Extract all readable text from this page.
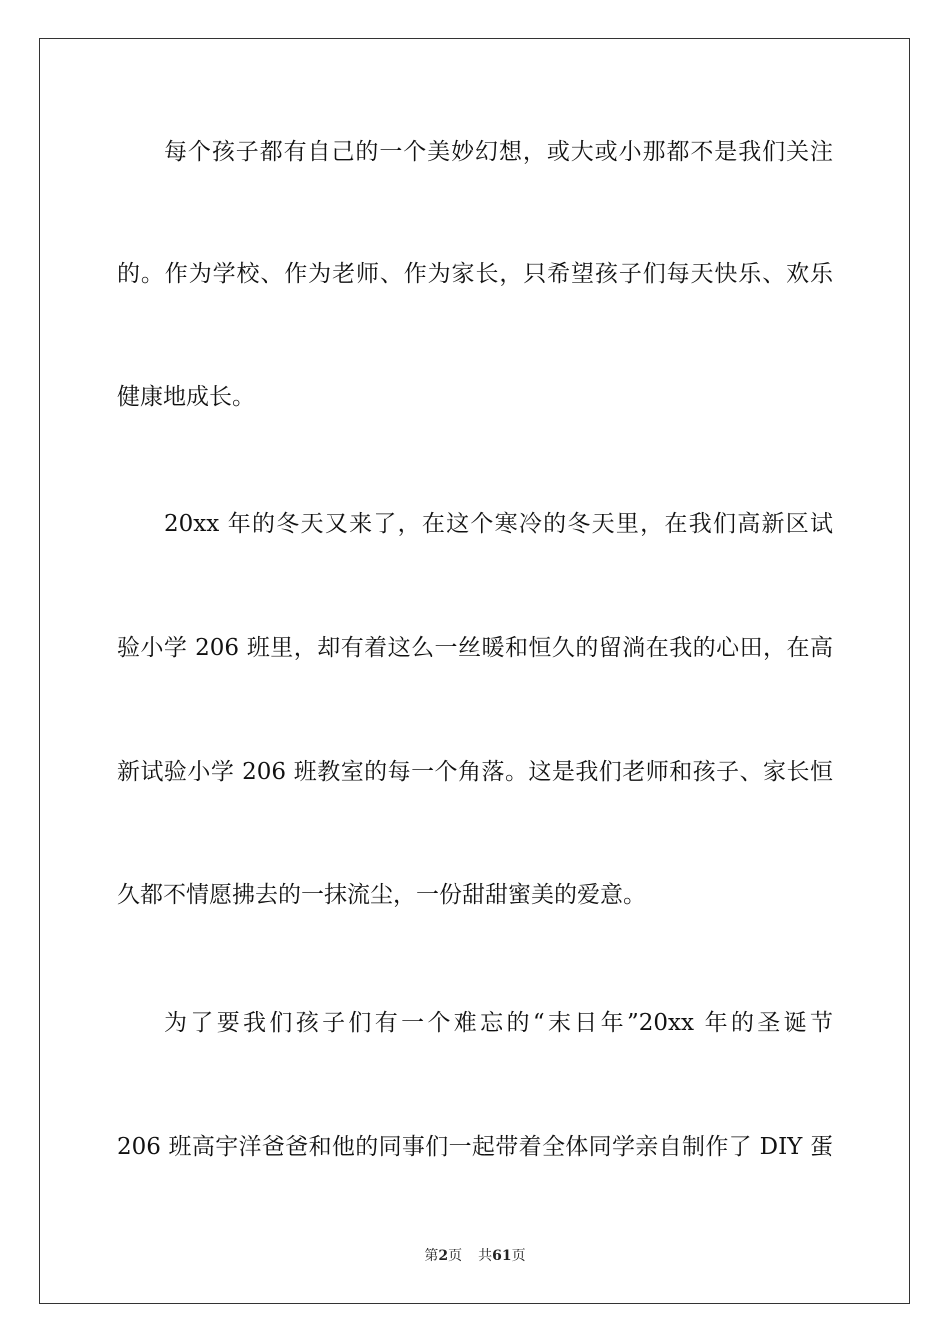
每个孩子都有自己的一个美妙幻想，或大或小那都不是我们关注
的。作为学校、作为老师、作为家长，只希望孩子们每天快乐、欢乐
健康地成长。
20xx 年的冬天又来了，在这个寒冷的冬天里，在我们高新区试
验小学 206 班里，却有着这么一丝暖和恒久的留淌在我的心田，在高
新试验小学 206 班教室的每一个角落。这是我们老师和孩子、家长恒
久都不情愿拂去的一抹流尘，一份甜甜蜜美的爱意。
为了要我们孩子们有一个难忘的“末日年”20xx 年的圣诞节
206 班高宇洋爸爸和他的同事们一起带着全体同学亲自制作了 DIY 蛋
第2页 共61页
